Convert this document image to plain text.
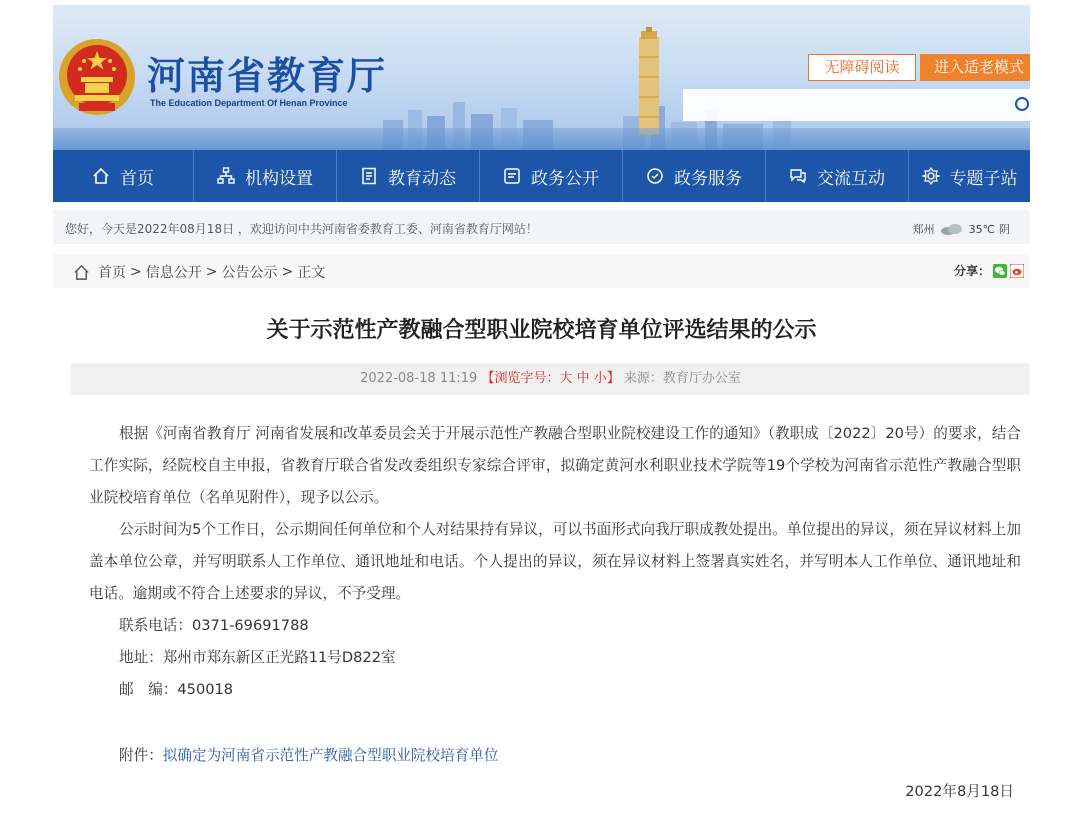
河南省教育厅
The Education Department Of Henan Province
无障碍阅读	进入适老模式
首页	机构设置	教育动态	政务公开	政务服务	交流互动	专题子站
您好，今天是2022年08月18日 ，欢迎访问中共河南省委教育工委、河南省教育厅网站！	郑州	35℃ 阴
首页 > 信息公开 > 公告公示 > 正文	分享：
关于示范性产教融合型职业院校培育单位评选结果的公示
2022-08-18 11:19 【浏览字号：大 中 小】 来源：教育厅办公室

根据《河南省教育厅 河南省发展和改革委员会关于开展示范性产教融合型职业院校建设工作的通知》（教职成〔2022〕20号）的要求，结合工作实际，经院校自主申报，省教育厅联合省发改委组织专家综合评审，拟确定黄河水利职业技术学院等19个学校为河南省示范性产教融合型职业院校培育单位（名单见附件），现予以公示。

公示时间为5个工作日，公示期间任何单位和个人对结果持有异议，可以书面形式向我厅职成教处提出。单位提出的异议，须在异议材料上加盖本单位公章，并写明联系人工作单位、通讯地址和电话。个人提出的异议，须在异议材料上签署真实姓名，并写明本人工作单位、通讯地址和电话。逾期或不符合上述要求的异议，不予受理。

联系电话：0371-69691788
地址：郑州市郑东新区正光路11号D822室
邮　编：450018
附件：拟确定为河南省示范性产教融合型职业院校培育单位
2022年8月18日
